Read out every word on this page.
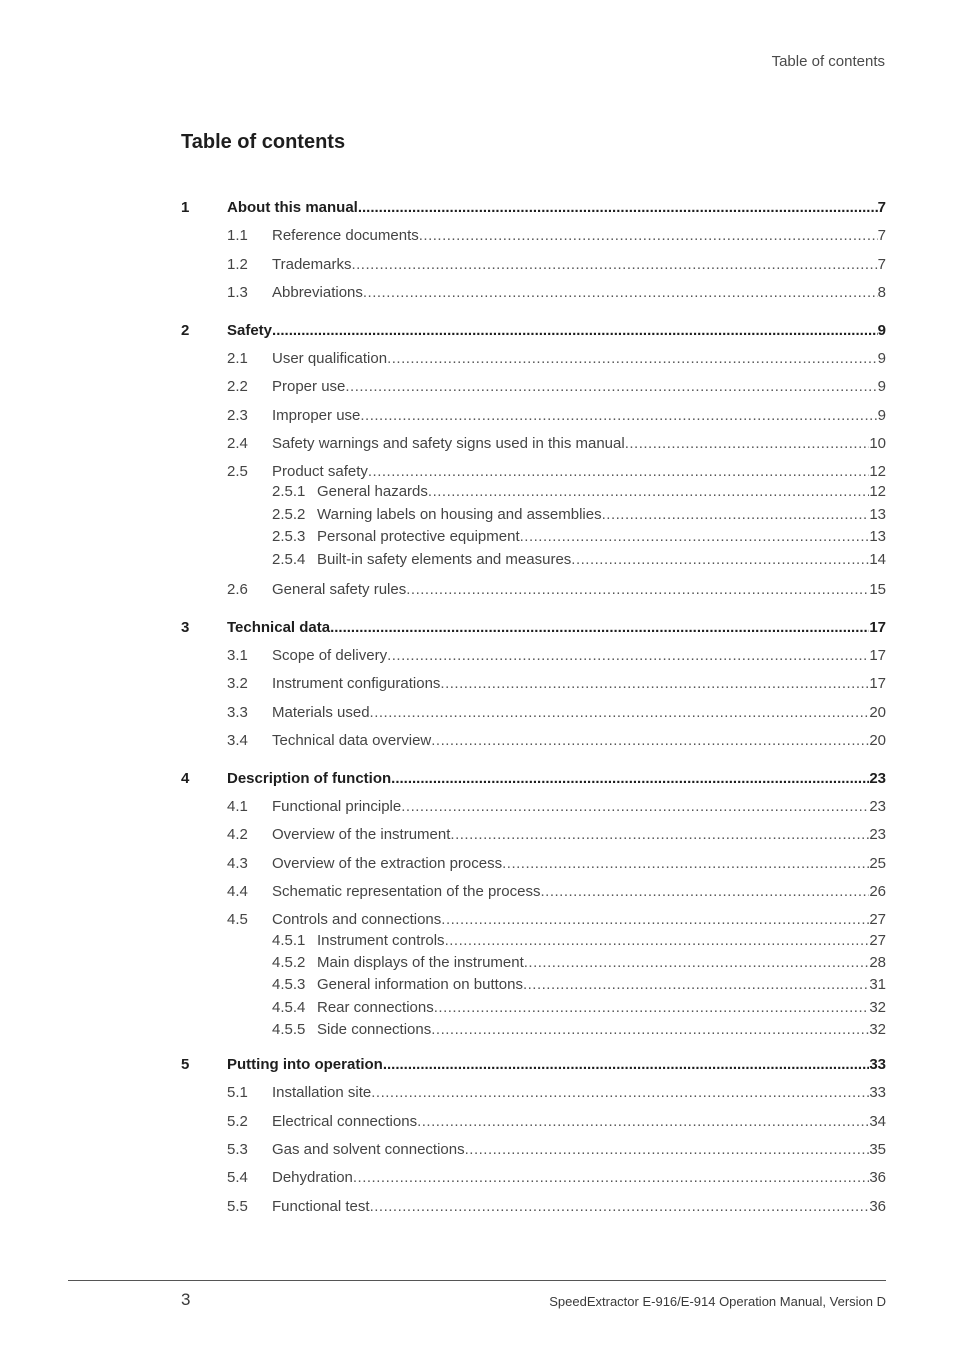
Table of contents
Table of contents
1	About this manual .....	7
1.1	Reference documents .....	7
1.2	Trademarks .....	7
1.3	Abbreviations .....	8
2	Safety .....	9
2.1	User qualification .....	9
2.2	Proper use .....	9
2.3	Improper use .....	9
2.4	Safety warnings and safety signs used in this manual .....	10
2.5	Product safety .....	12
2.5.1 General hazards .....	12
2.5.2 Warning labels on housing and assemblies .....	13
2.5.3 Personal protective equipment .....	13
2.5.4 Built-in safety elements and measures .....	14
2.6	General safety rules .....	15
3	Technical data .....	17
3.1	Scope of delivery .....	17
3.2	Instrument configurations .....	17
3.3	Materials used .....	20
3.4	Technical data overview .....	20
4	Description of function .....	23
4.1	Functional principle .....	23
4.2	Overview of the instrument .....	23
4.3	Overview of the extraction process .....	25
4.4	Schematic representation of the process .....	26
4.5	Controls and connections .....	27
4.5.1 Instrument controls .....	27
4.5.2 Main displays of the instrument .....	28
4.5.3 General information on buttons .....	31
4.5.4 Rear connections .....	32
4.5.5 Side connections .....	32
5	Putting into operation .....	33
5.1	Installation site .....	33
5.2	Electrical connections .....	34
5.3	Gas and solvent connections .....	35
5.4	Dehydration .....	36
5.5	Functional test .....	36
3	SpeedExtractor E-916/E-914 Operation Manual, Version D
